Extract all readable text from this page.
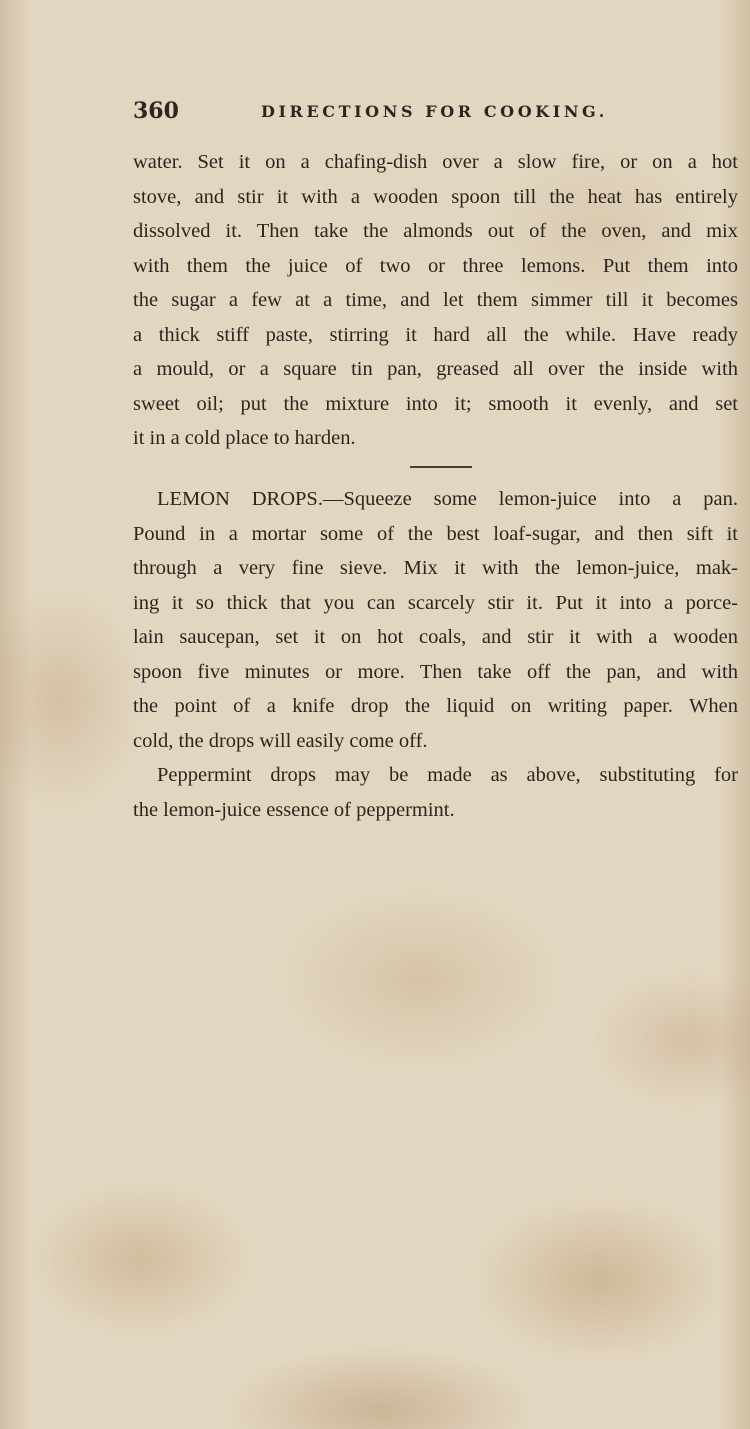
360	DIRECTIONS FOR COOKING.
water. Set it on a chafing-dish over a slow fire, or on a hot
stove, and stir it with a wooden spoon till the heat has entirely
dissolved it. Then take the almonds out of the oven, and mix
with them the juice of two or three lemons. Put them into
the sugar a few at a time, and let them simmer till it becomes
a thick stiff paste, stirring it hard all the while. Have ready
a mould, or a square tin pan, greased all over the inside with
sweet oil; put the mixture into it; smooth it evenly, and set
it in a cold place to harden.
LEMON DROPS.—Squeeze some lemon-juice into a pan.
Pound in a mortar some of the best loaf-sugar, and then sift it
through a very fine sieve. Mix it with the lemon-juice, mak-
ing it so thick that you can scarcely stir it. Put it into a porce-
lain saucepan, set it on hot coals, and stir it with a wooden
spoon five minutes or more. Then take off the pan, and with
the point of a knife drop the liquid on writing paper. When
cold, the drops will easily come off.
Peppermint drops may be made as above, substituting for
the lemon-juice essence of peppermint.
